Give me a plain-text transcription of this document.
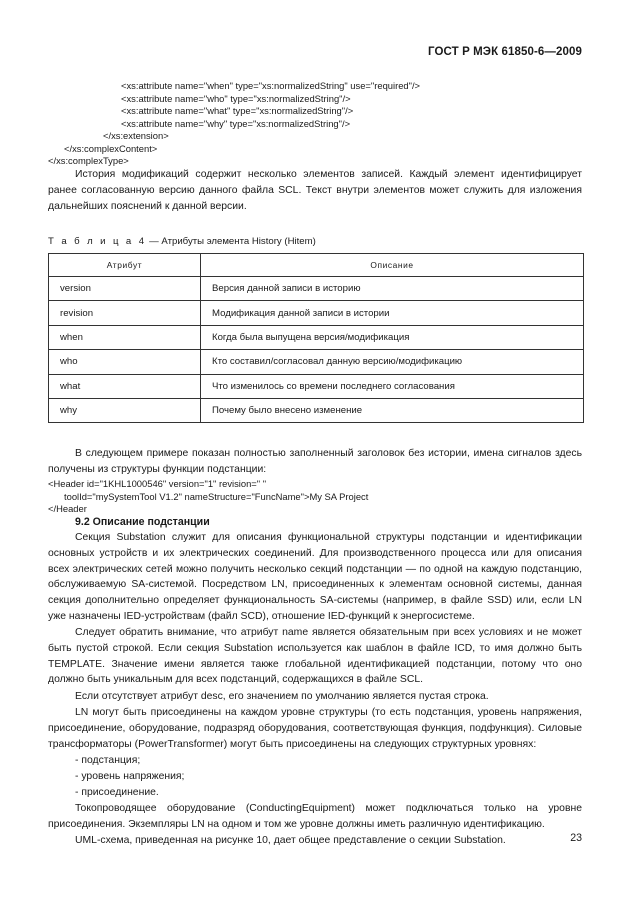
ГОСТ Р МЭК 61850-6—2009
<xs:attribute name="when" type="xs:normalizedString" use="required"/>
<xs:attribute name="who" type="xs:normalizedString"/>
<xs:attribute name="what" type="xs:normalizedString"/>
<xs:attribute name="why" type="xs:normalizedString"/>
</xs:extension>
</xs:complexContent>
</xs:complexType>
История модификаций содержит несколько элементов записей. Каждый элемент идентифицирует ранее согласованную версию данного файла SCL. Текст внутри элементов может служить для изложения дальнейших пояснений к данной версии.
Т а б л и ц а 4 — Атрибуты элемента History (Hitem)
Атрибут	Описание
version	Версия данной записи в историю
revision	Модификация данной записи в истории
when	Когда была выпущена версия/модификация
who	Кто составил/согласовал данную версию/модификацию
what	Что изменилось со времени последнего согласования
why	Почему было внесено изменение
В следующем примере показан полностью заполненный заголовок без истории, имена сигналов здесь получены из структуры функции подстанции:
<Header id="1KHL1000546" version="1" revision=" "
toolId="mySystemTool V1.2" nameStructure="FuncName">My SA Project
</Header
9.2 Описание подстанции
Секция Substation служит для описания функциональной структуры подстанции и идентификации основных устройств и их электрических соединений. Для производственного процесса или для описания всех электрических сетей можно получить несколько секций подстанции — по одной на каждую подстанцию, обслуживаемую SA-системой. Посредством LN, присоединенных к элементам основной системы, данная секция дополнительно определяет функциональность SA-системы (например, в файле SSD) или, если LN уже назначены IED-устройствам (файл SCD), отношение IED-функций к энергосистеме.
Следует обратить внимание, что атрибут name является обязательным при всех условиях и не может быть пустой строкой. Если секция Substation используется как шаблон в файле ICD, то имя должно быть TEMPLATE. Значение имени является также глобальной идентификацией подстанции, потому что оно должно быть уникальным для всех подстанций, содержащихся в файле SCL.
Если отсутствует атрибут desc, его значением по умолчанию является пустая строка.
LN могут быть присоединены на каждом уровне структуры (то есть подстанция, уровень напряжения, присоединение, оборудование, подразряд оборудования, соответствующая функция, подфункция). Силовые трансформаторы (PowerTransformer) могут быть присоединены на следующих структурных уровнях:
- подстанция;
- уровень напряжения;
- присоединение.
Токопроводящее оборудование (ConductingEquipment) может подключаться только на уровне присоединения. Экземпляры LN на одном и том же уровне должны иметь различную идентификацию.
UML-схема, приведенная на рисунке 10, дает общее представление о секции Substation.	23
